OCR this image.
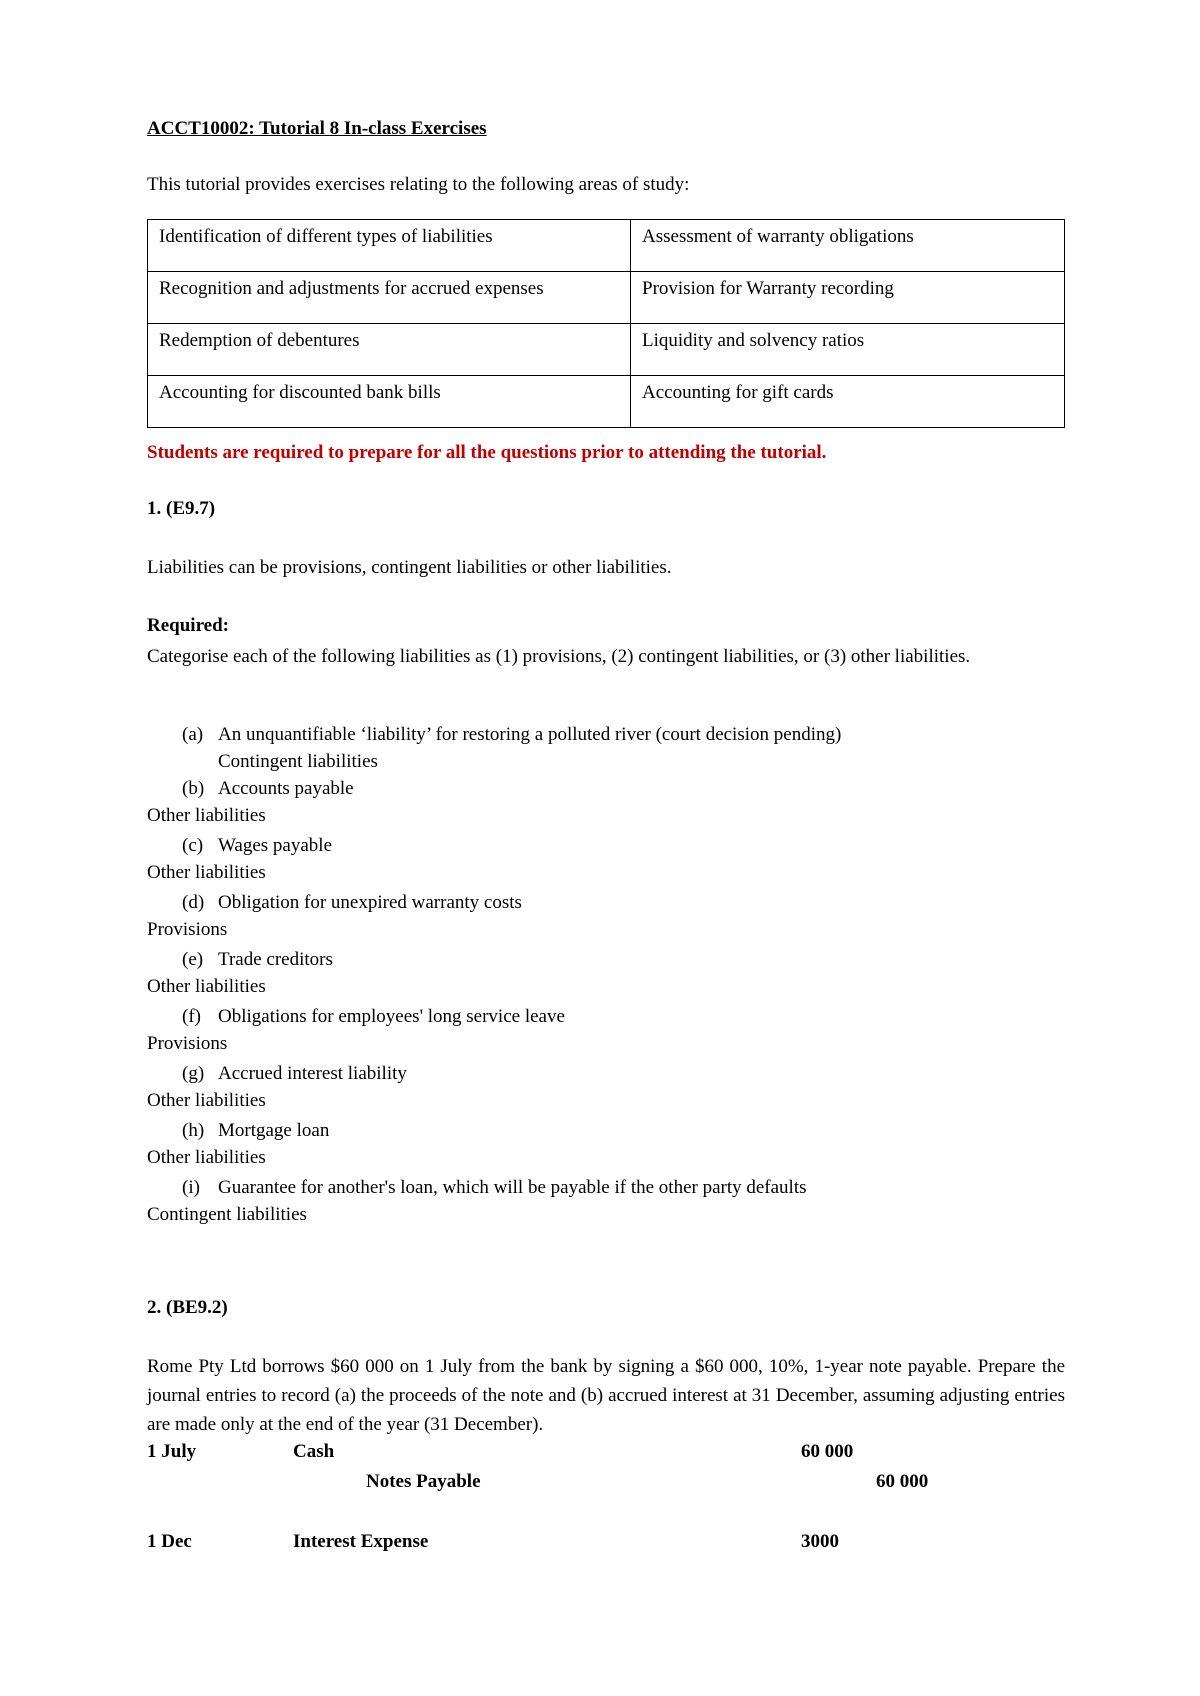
ACCT10002: Tutorial 8 In-class Exercises
This tutorial provides exercises relating to the following areas of study:
Identification of different types of liabilities	Assessment of warranty obligations
Recognition and adjustments for accrued expenses	Provision for Warranty recording
Redemption of debentures	Liquidity and solvency ratios
Accounting for discounted bank bills	Accounting for gift cards
Students are required to prepare for all the questions prior to attending the tutorial.
1. (E9.7)
Liabilities can be provisions, contingent liabilities or other liabilities.
Required:
Categorise each of the following liabilities as (1) provisions, (2) contingent liabilities, or (3) other liabilities.
(a) An unquantifiable ‘liability’ for restoring a polluted river (court decision pending)
Contingent liabilities
(b) Accounts payable
Other liabilities
(c) Wages payable
Other liabilities
(d) Obligation for unexpired warranty costs
Provisions
(e) Trade creditors
Other liabilities
(f) Obligations for employees' long service leave
Provisions
(g) Accrued interest liability
Other liabilities
(h) Mortgage loan
Other liabilities
(i) Guarantee for another's loan, which will be payable if the other party defaults
Contingent liabilities
2. (BE9.2)
Rome Pty Ltd borrows $60 000 on 1 July from the bank by signing a $60 000, 10%, 1-year note payable. Prepare the journal entries to record (a) the proceeds of the note and (b) accrued interest at 31 December, assuming adjusting entries are made only at the end of the year (31 December).
1 July	Cash	60 000
Notes Payable	60 000
1 Dec	Interest Expense	3000
